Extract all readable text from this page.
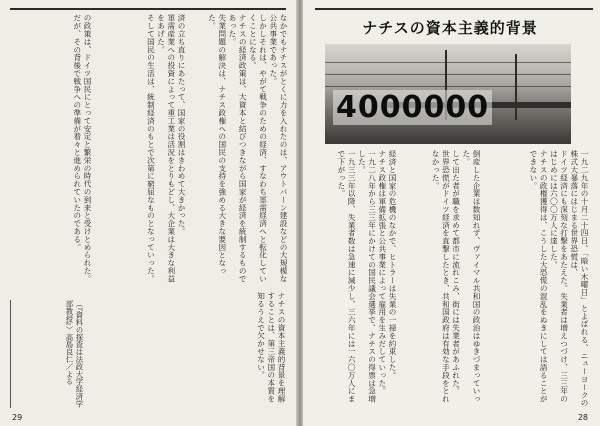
なかでもナチスがとくに力を入れたのは、アウトバーン建設などの大規模な公共事業であった。
しかしそれは、やがて戦争のための経済、すなわち軍需経済へと転化していくことになる。
ナチスの経済政策は、大資本と結びつきながら国家が経済を統制するものであった。
失業問題の解決は、ナチス政権への国民の支持を強める大きな要因となった。
済の立ち直りにあたって、国家の役割はきわめて大きかった。
軍需産業への投資によって重工業は活況をとりもどし、大企業は大きな利益をあげた。
そして国民の生活は、統制経済のもとで次第に窮屈なものとなっていった。
の政策は、ドイツ国民にとって安定と繁栄の時代の到来と受けとめられた。
だが、その背後で戦争への準備が着々と進められていたのである。
ナチスの資本主義的背景を理解することは、第三帝国の本質を知るうえで欠かせない。
（『資料の探査は法政大学経済学部教授』）高島良仁／よる
29
ナチスの資本主義的背景
4000000
一九二九年の十月二十四日、「暗い木曜日」とよばれる、ニューヨークの株式大暴落にはじまる世界恐慌は、
ドイツ経済にも深刻な打撃をあたえた。失業者は増えつづけ、三三年のはじめには六〇〇万人に達した。
ナチスの政権獲得は、こうした大恐慌の混乱をぬきにしては語ることができない。
倒産した企業は数知れず、ヴァイマル共和国の政治はゆきづまっていった。
して出た者が職を求めて都市に流れこみ、街には失業者があふれた。
世界恐慌がドイツ経済を直撃したとき、共和国政府は有効な手段をとれなかった。
経済と国家の危機のなかで、ヒトラーは失業の一掃を約束した。
ナチス政権は軍備拡張と公共事業によって雇用を生みだしていった。
一九二八年から三三年にかけての国民議会選挙で、ナチスの得票は急増した。
一九三三年以降、失業者数は急速に減少し、三六年には一六〇万人にまで下がった。
28
